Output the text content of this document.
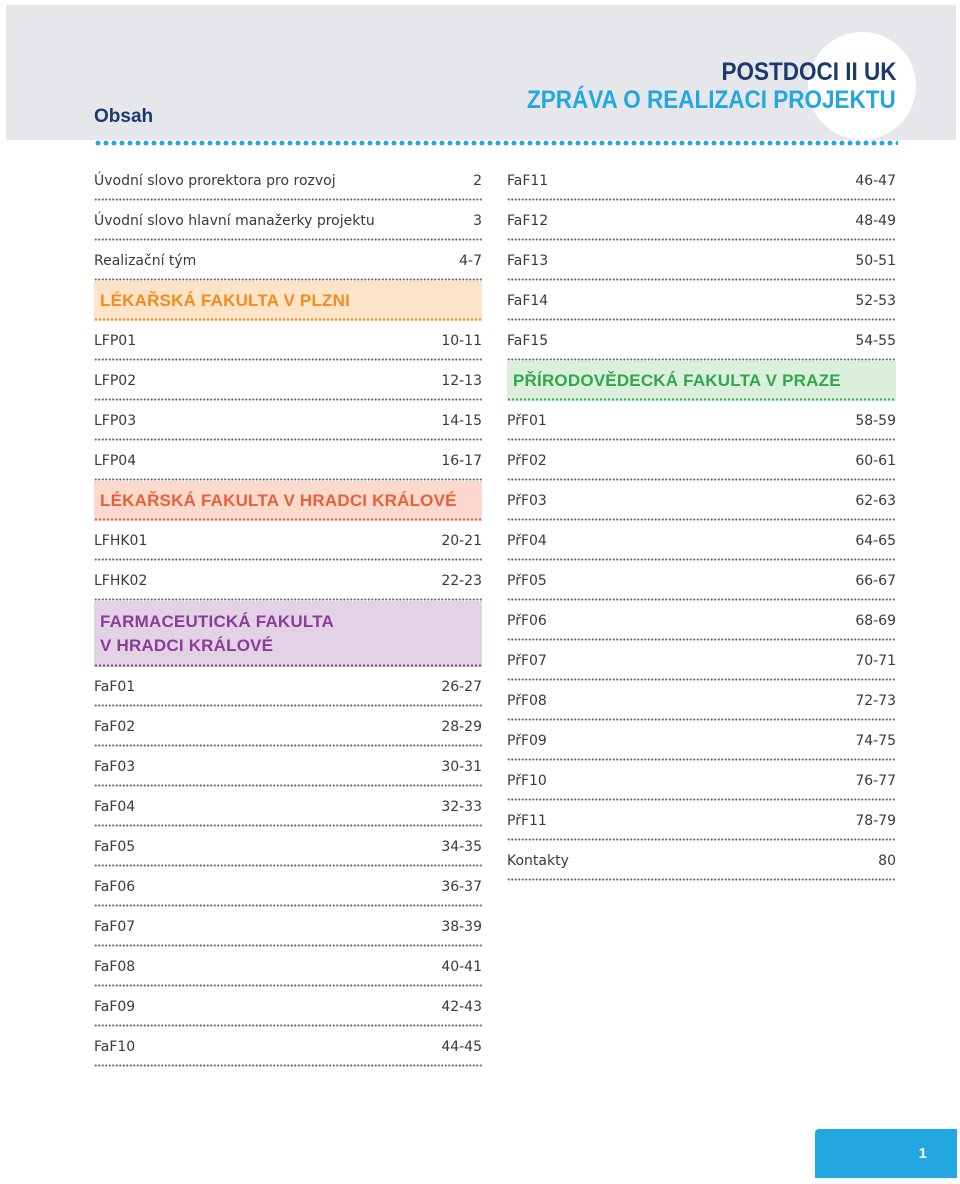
Obsah
POSTDOCI II UK
ZPRÁVA O REALIZACI PROJEKTU
Úvodní slovo prorektora pro rozvoj	2
Úvodní slovo hlavní manažerky projektu	3
Realizační tým	4-7
LÉKAŘSKÁ FAKULTA V PLZNI
LFP01	10-11
LFP02	12-13
LFP03	14-15
LFP04	16-17
LÉKAŘSKÁ FAKULTA V HRADCI KRÁLOVÉ
LFHK01	20-21
LFHK02	22-23
FARMACEUTICKÁ FAKULTA
V HRADCI KRÁLOVÉ
FaF01	26-27
FaF02	28-29
FaF03	30-31
FaF04	32-33
FaF05	34-35
FaF06	36-37
FaF07	38-39
FaF08	40-41
FaF09	42-43
FaF10	44-45
FaF11	46-47
FaF12	48-49
FaF13	50-51
FaF14	52-53
FaF15	54-55
PŘÍRODOVĚDECKÁ FAKULTA V PRAZE
PřF01	58-59
PřF02	60-61
PřF03	62-63
PřF04	64-65
PřF05	66-67
PřF06	68-69
PřF07	70-71
PřF08	72-73
PřF09	74-75
PřF10	76-77
PřF11	78-79
Kontakty	80
1
